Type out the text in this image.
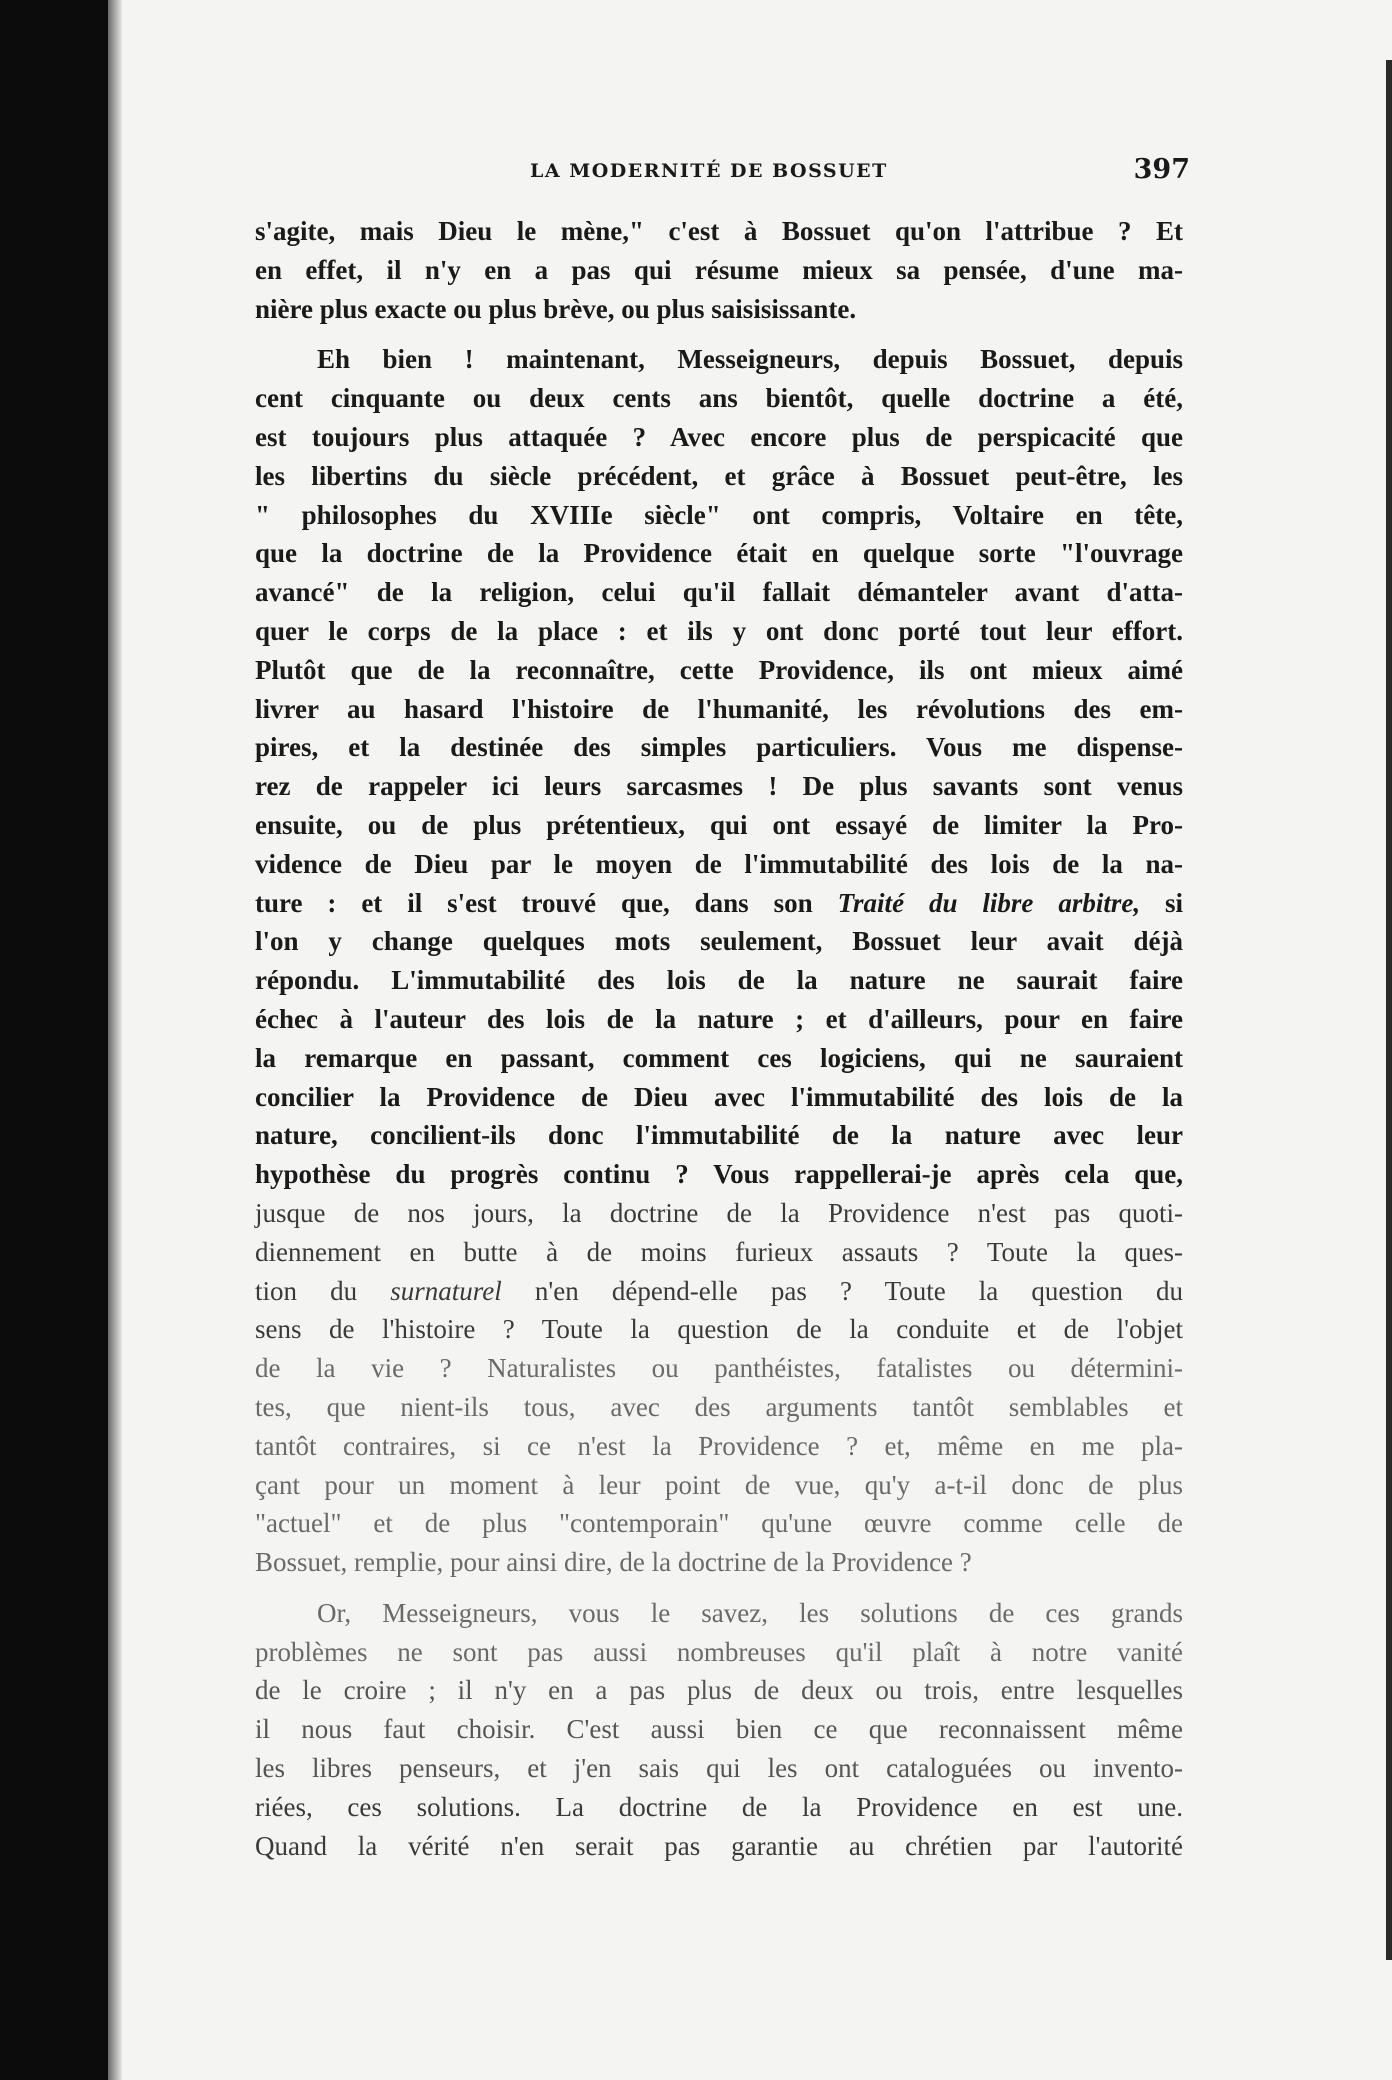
LA MODERNITÉ DE BOSSUET	397
s'agite, mais Dieu le mène," c'est à Bossuet qu'on l'attribue ? Et
en effet, il n'y en a pas qui résume mieux sa pensée, d'une ma-
nière plus exacte ou plus brève, ou plus saisisissante.
Eh bien ! maintenant, Messeigneurs, depuis Bossuet, depuis
cent cinquante ou deux cents ans bientôt, quelle doctrine a été,
est toujours plus attaquée ? Avec encore plus de perspicacité que
les libertins du siècle précédent, et grâce à Bossuet peut-être, les
" philosophes du XVIIIe siècle" ont compris, Voltaire en tête,
que la doctrine de la Providence était en quelque sorte "l'ouvrage
avancé" de la religion, celui qu'il fallait démanteler avant d'atta-
quer le corps de la place : et ils y ont donc porté tout leur effort.
Plutôt que de la reconnaître, cette Providence, ils ont mieux aimé
livrer au hasard l'histoire de l'humanité, les révolutions des em-
pires, et la destinée des simples particuliers. Vous me dispense-
rez de rappeler ici leurs sarcasmes ! De plus savants sont venus
ensuite, ou de plus prétentieux, qui ont essayé de limiter la Pro-
vidence de Dieu par le moyen de l'immutabilité des lois de la na-
ture : et il s'est trouvé que, dans son Traité du libre arbitre, si
l'on y change quelques mots seulement, Bossuet leur avait déjà
répondu. L'immutabilité des lois de la nature ne saurait faire
échec à l'auteur des lois de la nature ; et d'ailleurs, pour en faire
la remarque en passant, comment ces logiciens, qui ne sauraient
concilier la Providence de Dieu avec l'immutabilité des lois de la
nature, concilient-ils donc l'immutabilité de la nature avec leur
hypothèse du progrès continu ? Vous rappellerai-je après cela que,
jusque de nos jours, la doctrine de la Providence n'est pas quoti-
diennement en butte à de moins furieux assauts ? Toute la ques-
tion du surnaturel n'en dépend-elle pas ? Toute la question du
sens de l'histoire ? Toute la question de la conduite et de l'objet
de la vie ? Naturalistes ou panthéistes, fatalistes ou détermini-
tes, que nient-ils tous, avec des arguments tantôt semblables et
tantôt contraires, si ce n'est la Providence ? et, même en me pla-
çant pour un moment à leur point de vue, qu'y a-t-il donc de plus
"actuel" et de plus "contemporain" qu'une œuvre comme celle de
Bossuet, remplie, pour ainsi dire, de la doctrine de la Providence ?
Or, Messeigneurs, vous le savez, les solutions de ces grands
problèmes ne sont pas aussi nombreuses qu'il plaît à notre vanité
de le croire ; il n'y en a pas plus de deux ou trois, entre lesquelles
il nous faut choisir. C'est aussi bien ce que reconnaissent même
les libres penseurs, et j'en sais qui les ont cataloguées ou invento-
riées, ces solutions. La doctrine de la Providence en est une.
Quand la vérité n'en serait pas garantie au chrétien par l'autorité
